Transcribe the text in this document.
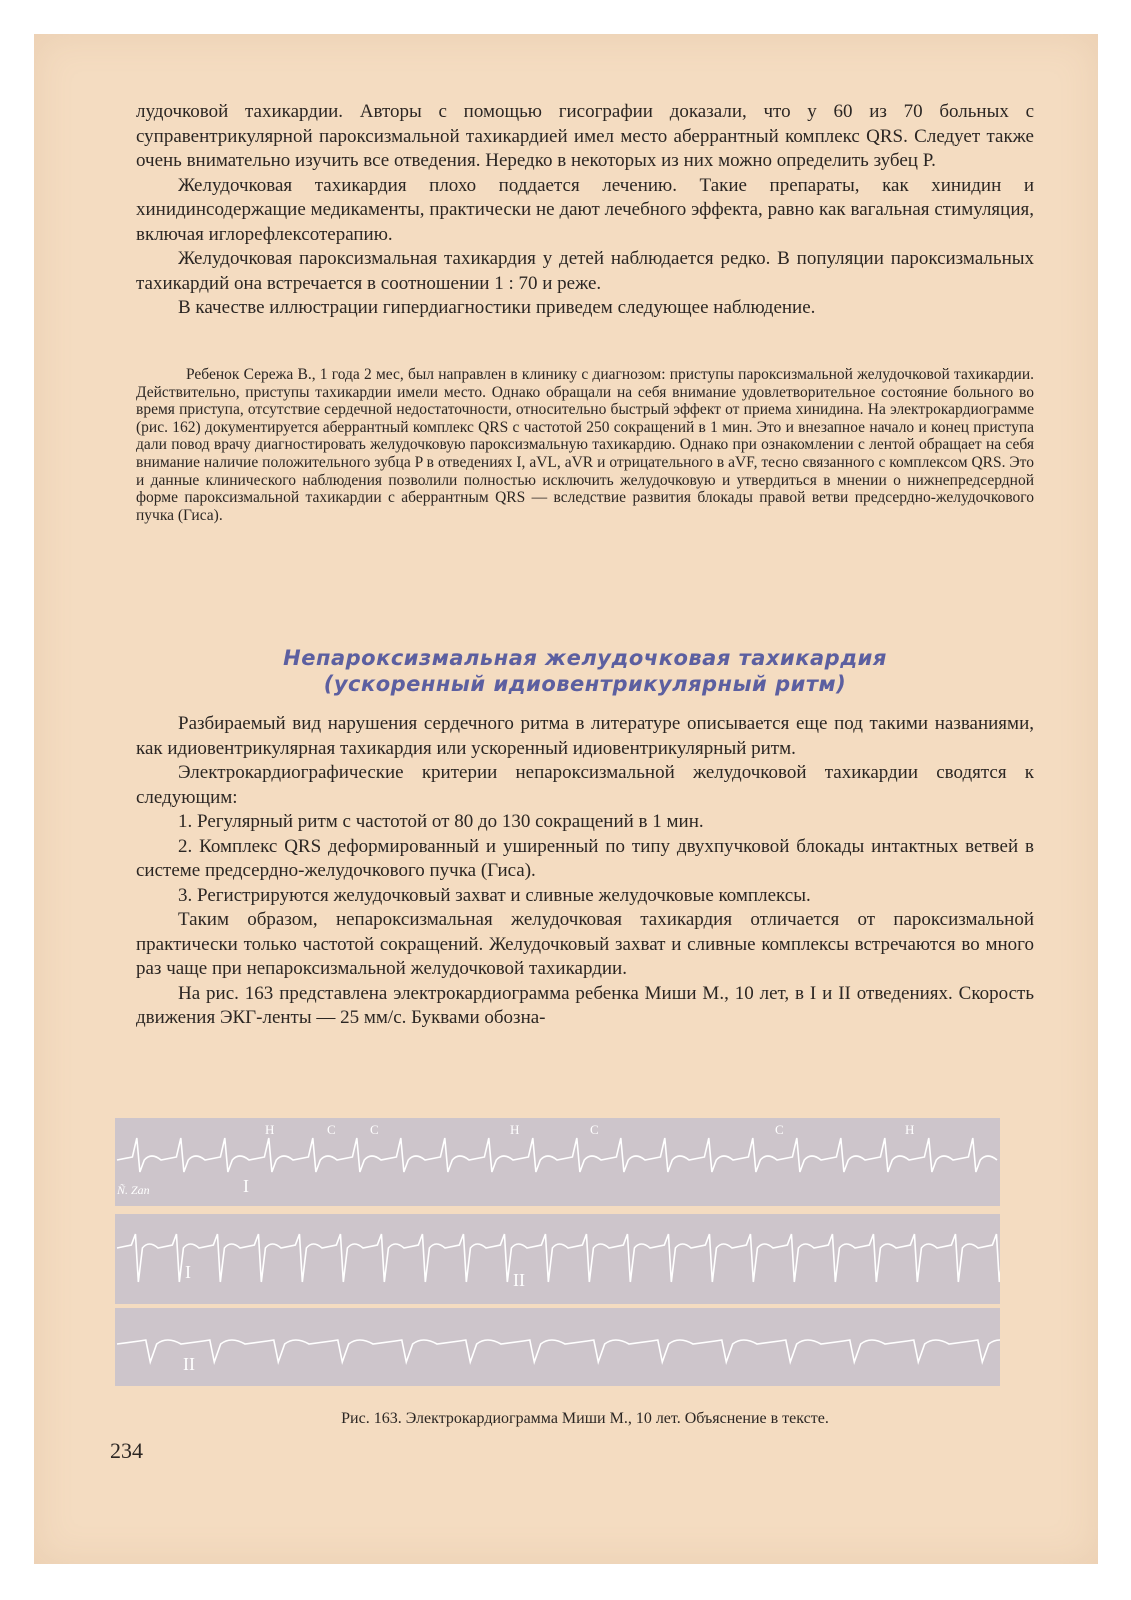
лудочковой тахикардии. Авторы с помощью гисографии доказали, что у 60 из 70 больных с суправентрикулярной пароксизмальной тахикардией имел место аберрантный комплекс QRS. Следует также очень внимательно изучить все отведения. Нередко в некоторых из них можно определить зубец P.

Желудочковая тахикардия плохо поддается лечению. Такие препараты, как хинидин и хинидинсодержащие медикаменты, практически не дают лечебного эффекта, равно как вагальная стимуляция, включая иглорефлексотерапию.

Желудочковая пароксизмальная тахикардия у детей наблюдается редко. В популяции пароксизмальных тахикардий она встречается в соотношении 1 : 70 и реже.

В качестве иллюстрации гипердиагностики приведем следующее наблюдение.

Ребенок Сережа В., 1 года 2 мес, был направлен в клинику с диагнозом: приступы пароксизмальной желудочковой тахикардии. Действительно, приступы тахикардии имели место. Однако обращали на себя внимание удовлетворительное состояние больного во время приступа, отсутствие сердечной недостаточности, относительно быстрый эффект от приема хинидина. На электрокардиограмме (рис. 162) документируется аберрантный комплекс QRS с частотой 250 сокращений в 1 мин. Это и внезапное начало и конец приступа дали повод врачу диагностировать желудочковую пароксизмальную тахикардию. Однако при ознакомлении с лентой обращает на себя внимание наличие положительного зубца P в отведениях I, aVL, aVR и отрицательного в aVF, тесно связанного с комплексом QRS. Это и данные клинического наблюдения позволили полностью исключить желудочковую и утвердиться в мнении о нижнепредсердной форме пароксизмальной тахикардии с аберрантным QRS — вследствие развития блокады правой ветви предсердно-желудочкового пучка (Гиса).

Непароксизмальная желудочковая тахикардия
(ускоренный идиовентрикулярный ритм)

Разбираемый вид нарушения сердечного ритма в литературе описывается еще под такими названиями, как идиовентрикулярная тахикардия или ускоренный идиовентрикулярный ритм.

Электрокардиографические критерии непароксизмальной желудочковой тахикардии сводятся к следующим:

1. Регулярный ритм с частотой от 80 до 130 сокращений в 1 мин.

2. Комплекс QRS деформированный и уширенный по типу двухпучковой блокады интактных ветвей в системе предсердно-желудочкового пучка (Гиса).

3. Регистрируются желудочковый захват и сливные желудочковые комплексы.

Таким образом, непароксизмальная желудочковая тахикардия отличается от пароксизмальной практически только частотой сокращений. Желудочковый захват и сливные комплексы встречаются во много раз чаще при непароксизмальной желудочковой тахикардии.

На рис. 163 представлена электрокардиограмма ребенка Миши М., 10 лет, в I и II отведениях. Скорость движения ЭКГ-ленты — 25 мм/с. Буквами обозна-

H	C	C	H	C	C	H
I
I	II
II
Ñ. Zan
Рис. 163. Электрокардиограмма Миши М., 10 лет. Объяснение в тексте.
234
